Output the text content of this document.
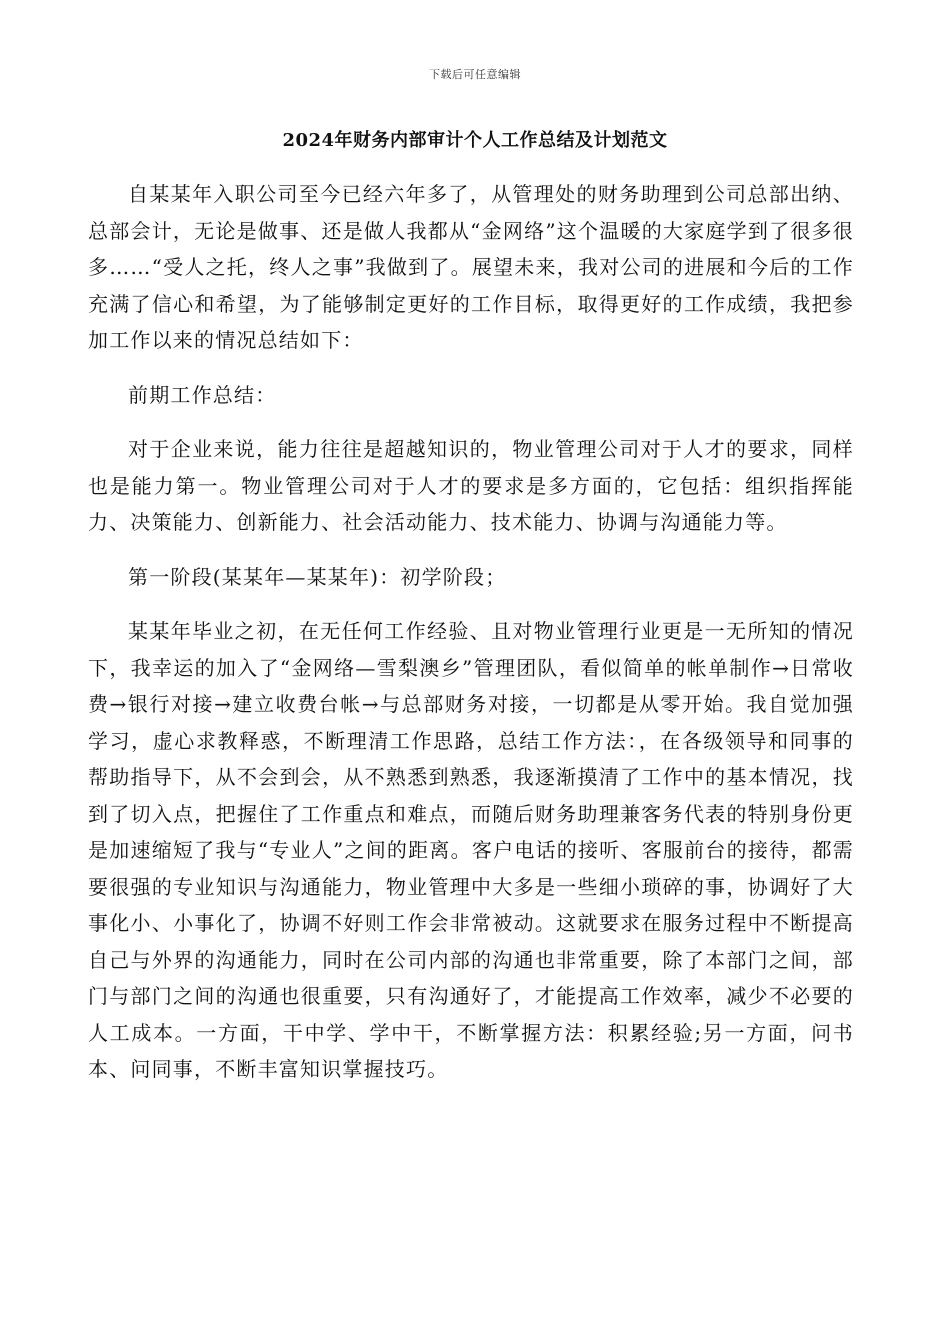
下载后可任意编辑
2024年财务内部审计个人工作总结及计划范文

自某某年入职公司至今已经六年多了，从管理处的财务助理到公司总部出纳、总部会计，无论是做事、还是做人我都从“金网络”这个温暖的大家庭学到了很多很多……“受人之托，终人之事”我做到了。展望未来，我对公司的进展和今后的工作充满了信心和希望，为了能够制定更好的工作目标，取得更好的工作成绩，我把参加工作以来的情况总结如下：

前期工作总结：

对于企业来说，能力往往是超越知识的，物业管理公司对于人才的要求，同样也是能力第一。物业管理公司对于人才的要求是多方面的，它包括：组织指挥能力、决策能力、创新能力、社会活动能力、技术能力、协调与沟通能力等。

第一阶段(某某年—某某年)：初学阶段；

某某年毕业之初，在无任何工作经验、且对物业管理行业更是一无所知的情况下，我幸运的加入了“金网络—雪梨澳乡”管理团队，看似简单的帐单制作→日常收费→银行对接→建立收费台帐→与总部财务对接，一切都是从零开始。我自觉加强学习，虚心求教释惑，不断理清工作思路，总结工作方法：，在各级领导和同事的帮助指导下，从不会到会，从不熟悉到熟悉，我逐渐摸清了工作中的基本情况，找到了切入点，把握住了工作重点和难点，而随后财务助理兼客务代表的特别身份更是加速缩短了我与“专业人”之间的距离。客户电话的接听、客服前台的接待，都需要很强的专业知识与沟通能力，物业管理中大多是一些细小琐碎的事，协调好了大事化小、小事化了，协调不好则工作会非常被动。这就要求在服务过程中不断提高自己与外界的沟通能力，同时在公司内部的沟通也非常重要，除了本部门之间，部门与部门之间的沟通也很重要，只有沟通好了，才能提高工作效率，减少不必要的人工成本。一方面，干中学、学中干，不断掌握方法：积累经验;另一方面，问书本、问同事，不断丰富知识掌握技巧。
